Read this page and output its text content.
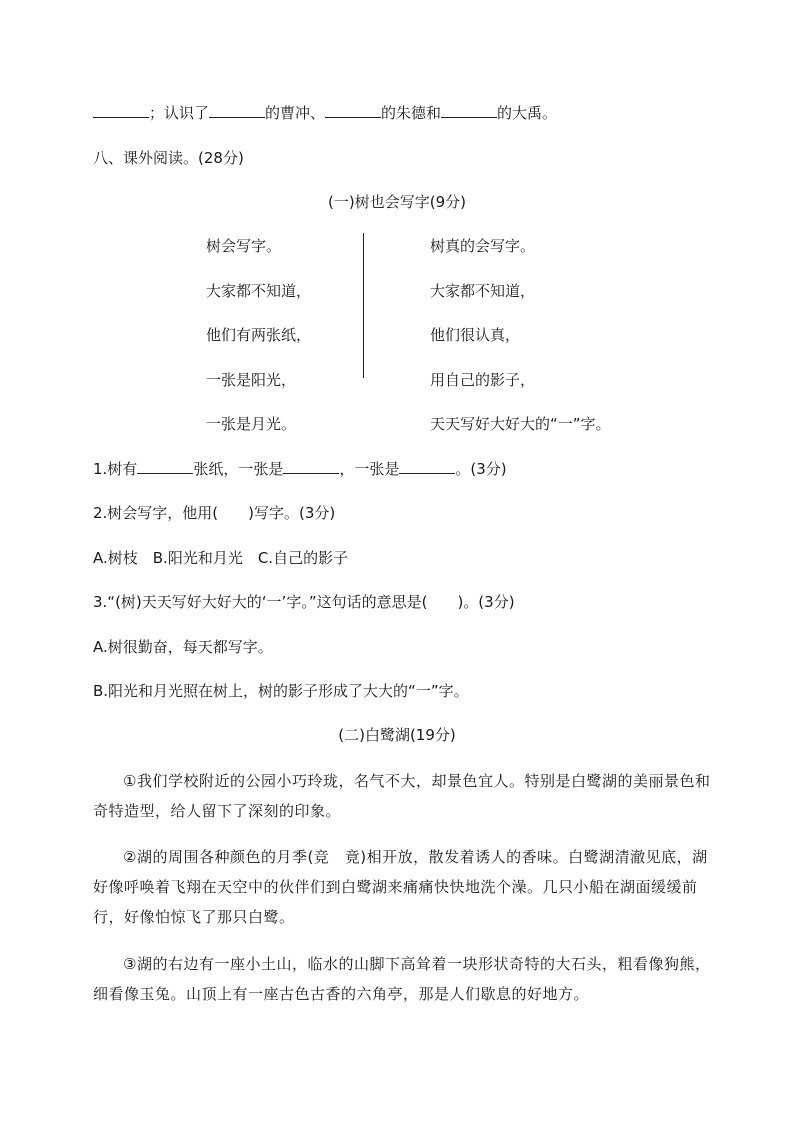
；认识了	的曹冲、	的朱德和	的大禹。
八、课外阅读。(28分)
(一)树也会写字(9分)
树会写字。
大家都不知道，
他们有两张纸，
一张是阳光，
一张是月光。
树真的会写字。
大家都不知道，
他们很认真，
用自己的影子，
天天写好大好大的“一”字。
1.树有	张纸，一张是	，一张是	。(3分)
2.树会写字，他用(　　)写字。(3分)
A.树枝　B.阳光和月光　C.自己的影子
3.“(树)天天写好大好大的‘一’字。”这句话的意思是(　　)。(3分)
A.树很勤奋，每天都写字。
B.阳光和月光照在树上，树的影子形成了大大的“一”字。
(二)白鹭湖(19分)
①我们学校附近的公园小巧玲珑，名气不大，却景色宜人。特别是白鹭湖的美丽景色和奇特造型，给人留下了深刻的印象。
②湖的周围各种颜色的月季(竞　竟)相开放，散发着诱人的香味。白鹭湖清澈见底，湖好像呼唤着飞翔在天空中的伙伴们到白鹭湖来痛痛快快地洗个澡。几只小船在湖面缓缓前行，好像怕惊飞了那只白鹭。
③湖的右边有一座小土山，临水的山脚下高耸着一块形状奇特的大石头，粗看像狗熊，细看像玉兔。山顶上有一座古色古香的六角亭，那是人们歇息的好地方。
